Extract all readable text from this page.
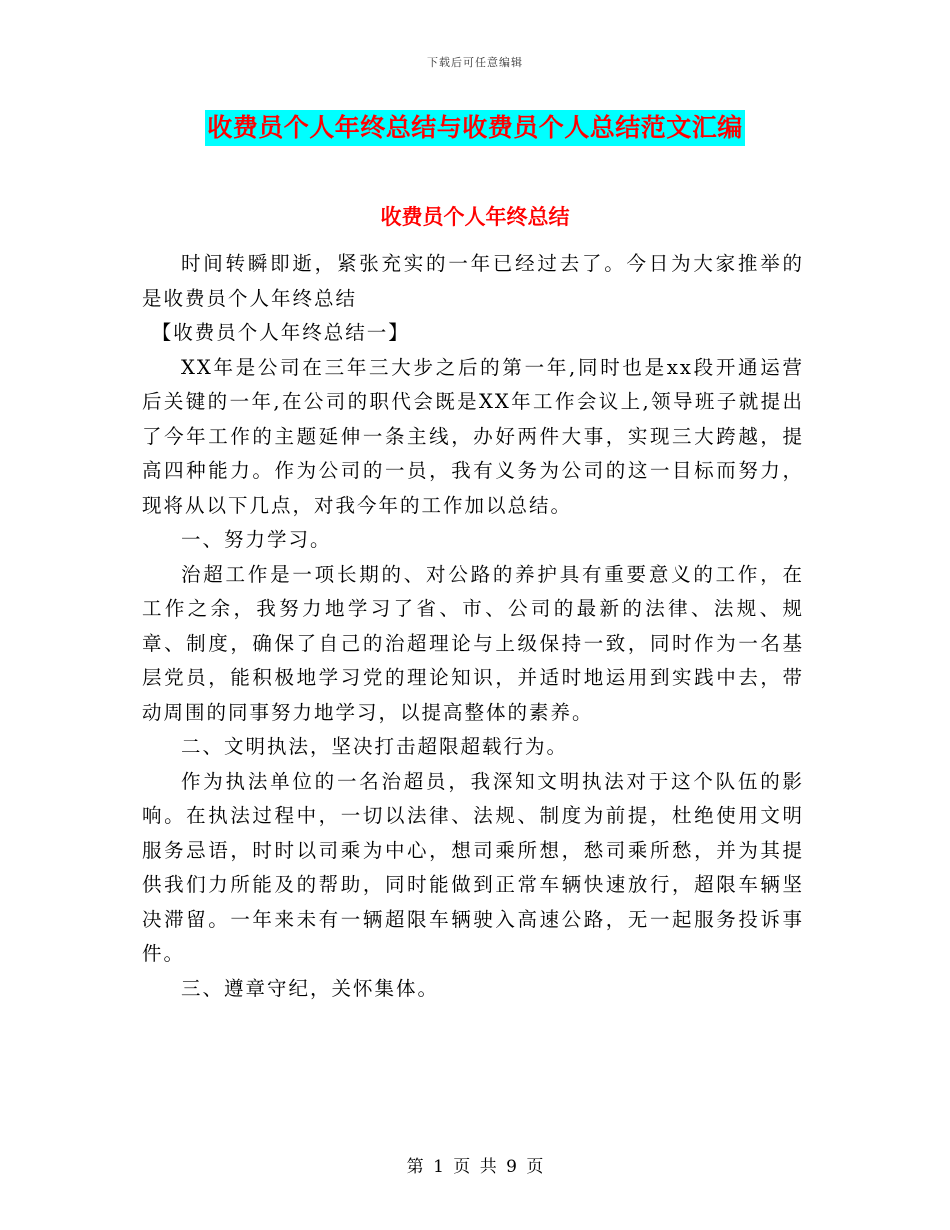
下载后可任意编辑
收费员个人年终总结与收费员个人总结范文汇编
收费员个人年终总结

时间转瞬即逝，紧张充实的一年已经过去了。今日为大家推举的是收费员个人年终总结

【收费员个人年终总结一】

XX年是公司在三年三大步之后的第一年,同时也是xx段开通运营后关键的一年,在公司的职代会既是XX年工作会议上,领导班子就提出了今年工作的主题延伸一条主线，办好两件大事，实现三大跨越，提高四种能力。作为公司的一员，我有义务为公司的这一目标而努力，现将从以下几点，对我今年的工作加以总结。

一、努力学习。

治超工作是一项长期的、对公路的养护具有重要意义的工作，在工作之余，我努力地学习了省、市、公司的最新的法律、法规、规章、制度，确保了自己的治超理论与上级保持一致，同时作为一名基层党员，能积极地学习党的理论知识，并适时地运用到实践中去，带动周围的同事努力地学习，以提高整体的素养。

二、文明执法，坚决打击超限超载行为。

作为执法单位的一名治超员，我深知文明执法对于这个队伍的影响。在执法过程中，一切以法律、法规、制度为前提，杜绝使用文明服务忌语，时时以司乘为中心，想司乘所想，愁司乘所愁，并为其提供我们力所能及的帮助，同时能做到正常车辆快速放行，超限车辆坚决滞留。一年来未有一辆超限车辆驶入高速公路，无一起服务投诉事件。

三、遵章守纪，关怀集体。

第 1 页 共 9 页
